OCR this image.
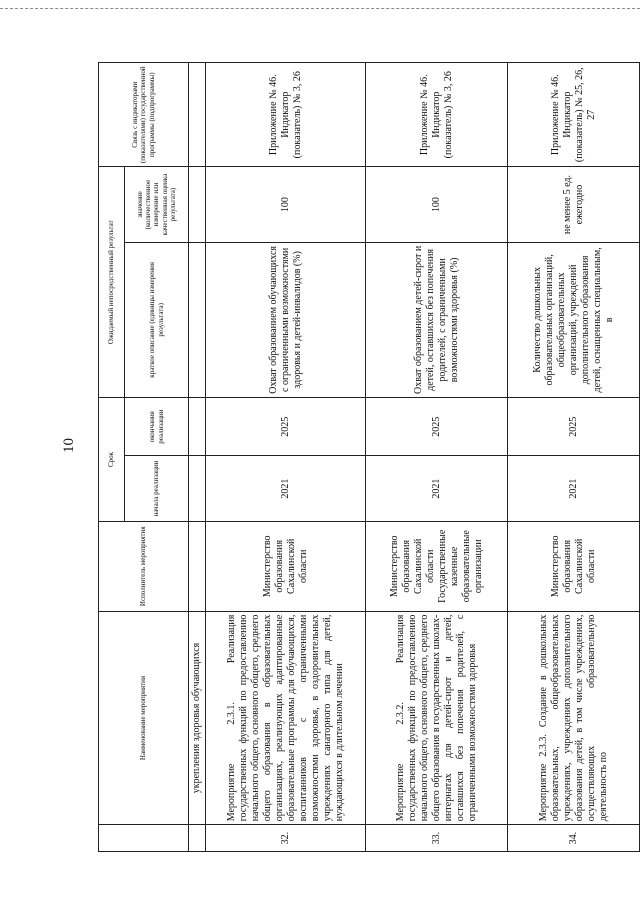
10
	Наименование мероприятия	Исполнитель мероприятия	Срок		Ожидаемый непосредственный результат		Связь с индикаторами (показателями) государственной программы (подпрограммы)
			начала реализации	окончания реализации	краткое описание (единицы измерения результата)	значение (количественное измерение или качественная оценка результата)	
	укрепления здоровья обучающихся						
32.	Мероприятие 2.3.1. Реализация государственных функций по предоставлению начального общего, основного общего, среднего общего образования в образовательных организациях, реализующих адаптированные образовательные программы для обучающихся, воспитанников с ограниченными возможностями здоровья, в оздоровительных учреждениях санаторного типа для детей, нуждающихся в длительном лечении	Министерство образования Сахалинской области	2021	2025	Охват образованием обучающихся с ограниченными возможностями здоровья и детей-инвалидов (%)	100	Приложение № 46. Индикатор (показатель) № 3, 26
33.	Мероприятие 2.3.2. Реализация государственных функций по предоставлению начального общего, основного общего, среднего общего образования в государственных школах-интернатах для детей-сирот и детей, оставшихся без попечения родителей, с ограниченными возможностями здоровья	Министерство образования Сахалинской области Государственные казенные образовательные организации	2021	2025	Охват образованием детей-сирот и детей, оставшихся без попечения родителей, с ограниченными возможностями здоровья (%)	100	Приложение № 46. Индикатор (показатель) № 3, 26
34.	Мероприятие 2.3.3. Создание в дошкольных образовательных, общеобразовательных учреждениях, учреждениях дополнительного образования детей, в том числе учреждениях, осуществляющих образовательную деятельность по	Министерство образования Сахалинской области	2021	2025	Количество дошкольных образовательных организаций, общеобразовательных организаций, учреждений дополнительного образования детей, оснащенных специальным, в	не менее 5 ед. ежегодно	Приложение № 46. Индикатор (показатель) № 25, 26, 27
